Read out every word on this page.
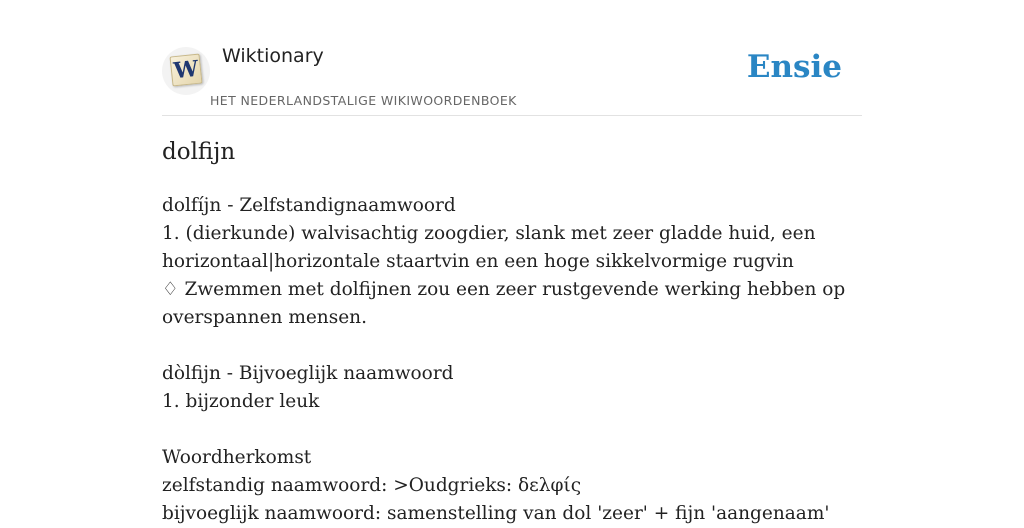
W Wiktionary
HET NEDERLANDSTALIGE WIKIWOORDENBOEK
Ensie
dolfijn
dolfíjn - Zelfstandignaamwoord
1. (dierkunde) walvisachtig zoogdier, slank met zeer gladde huid, een
horizontaal|horizontale staartvin en een hoge sikkelvormige rugvin
♢ Zwemmen met dolfijnen zou een zeer rustgevende werking hebben op
overspannen mensen.
dòlfijn - Bijvoeglijk naamwoord
1. bijzonder leuk
Woordherkomst
zelfstandig naamwoord: >Oudgrieks: δελφίς
bijvoeglijk naamwoord: samenstelling van dol 'zeer' + fijn 'aangenaam'
